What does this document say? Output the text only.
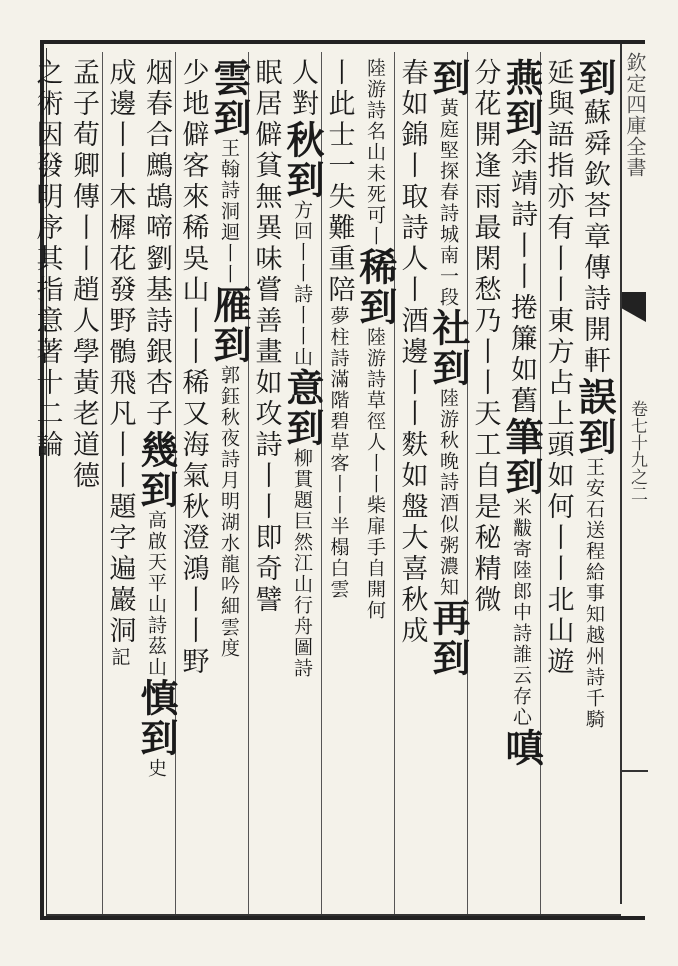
欽定四庫全書
卷七十九之二
到蘇舜欽荅章傳詩開軒誤到王安石送程給事知越州詩千騎
延與語指亦有丨丨東方占上頭如何丨丨北山遊
燕到余靖詩丨丨捲簾如舊筆到米黻寄陸郎中詩誰云存心嗔
分花開逢雨最閑愁乃丨丨天工自是秘精微
到黃庭堅探春詩城南一段社到陸游秋晚詩酒似粥濃知再到
春如錦丨取詩人丨酒邊丨丨麩如盤大喜秋成
陸游詩名山未死可丨稀到陸游詩草徑人丨丨柴扉手自開何
丨此士一失難重陪夢柱詩滿階碧草客丨丨半榻白雲
人對秋到方回丨丨詩丨丨山意到柳貫題巨然江山行舟圖詩
眠居僻貧無異味嘗善畫如攻詩丨丨即奇譬
雲到王翰詩洞迴丨丨雁到郭鈺秋夜詩月明湖水龍吟細雲度
少地僻客來稀吳山丨丨稀又海氣秋澄鴻丨丨野
烟春合鷓鴣啼劉基詩銀杏子幾到高啟天平山詩茲山慎到史
成邊丨丨木樨花發野鶻飛凡丨丨題字遍巖洞記
孟子荀卿傳丨丨趙人學黃老道德
之術因發明序其指意著十二論
